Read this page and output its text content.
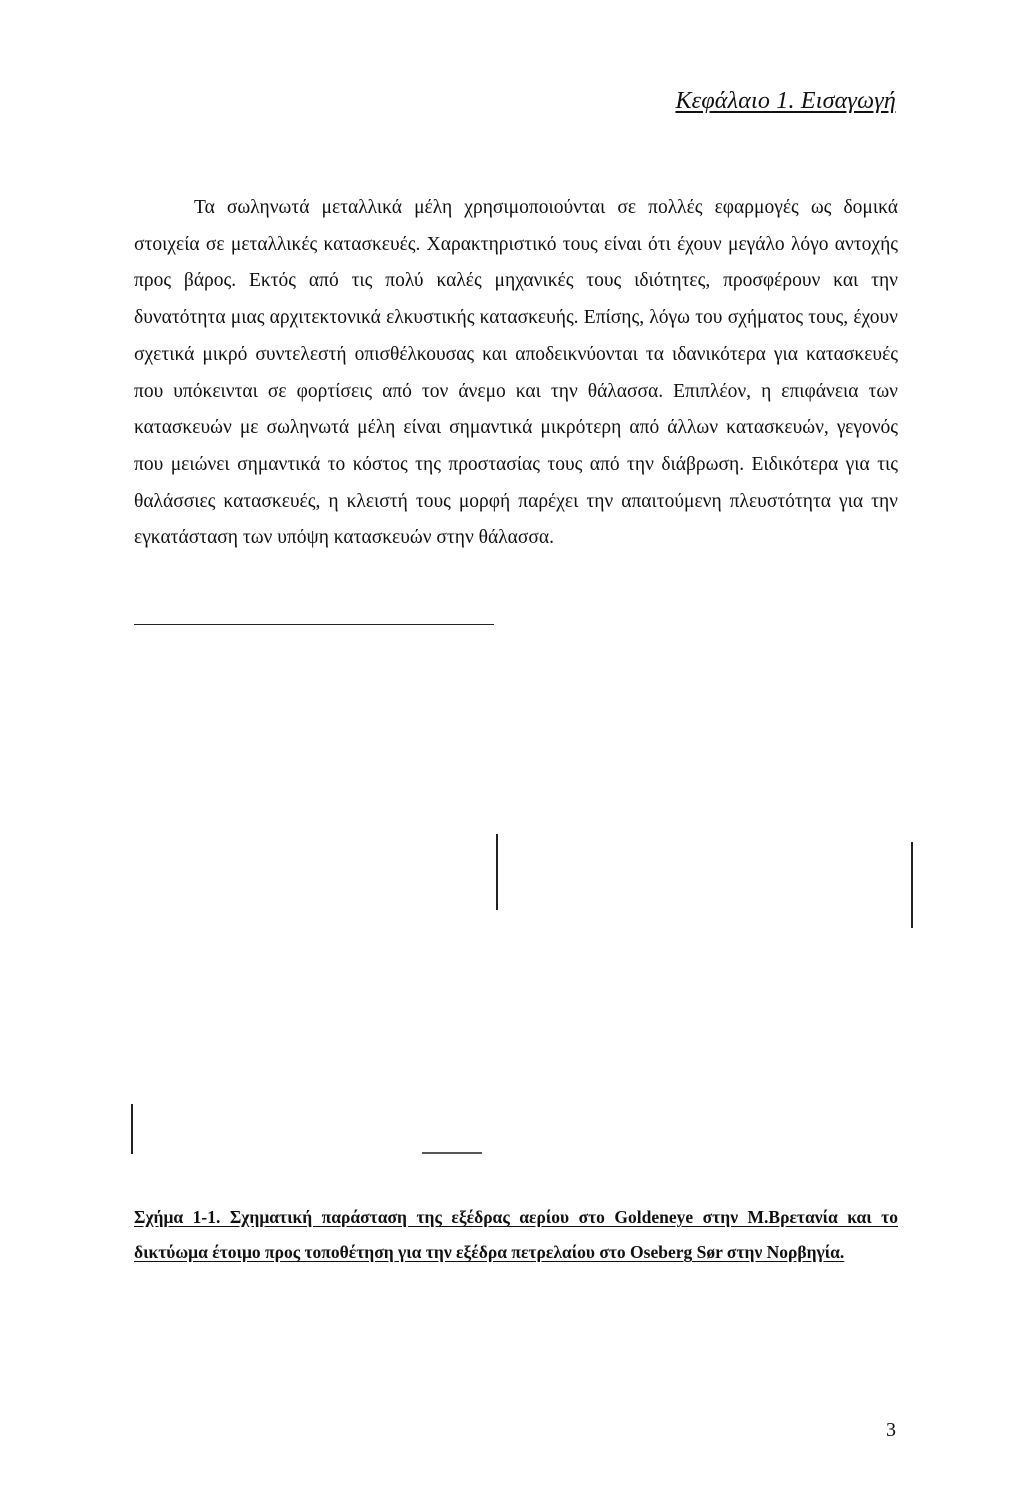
Κεφάλαιο 1. Εισαγωγή

Τα σωληνωτά μεταλλικά μέλη χρησιμοποιούνται σε πολλές εφαρμογές ως δομικά στοιχεία σε μεταλλικές κατασκευές. Χαρακτηριστικό τους είναι ότι έχουν μεγάλο λόγο αντοχής προς βάρος. Εκτός από τις πολύ καλές μηχανικές τους ιδιότητες, προσφέρουν και την δυνατότητα μιας αρχιτεκτονικά ελκυστικής κατασκευής. Επίσης, λόγω του σχήματος τους, έχουν σχετικά μικρό συντελεστή οπισθέλκουσας και αποδεικνύονται τα ιδανικότερα για κατασκευές που υπόκεινται σε φορτίσεις από τον άνεμο και την θάλασσα. Επιπλέον, η επιφάνεια των κατασκευών με σωληνωτά μέλη είναι σημαντικά μικρότερη από άλλων κατασκευών, γεγονός που μειώνει σημαντικά το κόστος της προστασίας τους από την διάβρωση. Ειδικότερα για τις θαλάσσιες κατασκευές, η κλειστή τους μορφή παρέχει την απαιτούμενη πλευστότητα για την εγκατάσταση των υπόψη κατασκευών στην θάλασσα.

Σχήμα 1-1. Σχηματική παράσταση της εξέδρας αερίου στο Goldeneye στην Μ.Βρετανία και το δικτύωμα έτοιμο προς τοποθέτηση για την εξέδρα πετρελαίου στο Oseberg Sør στην Νορβηγία.

3
